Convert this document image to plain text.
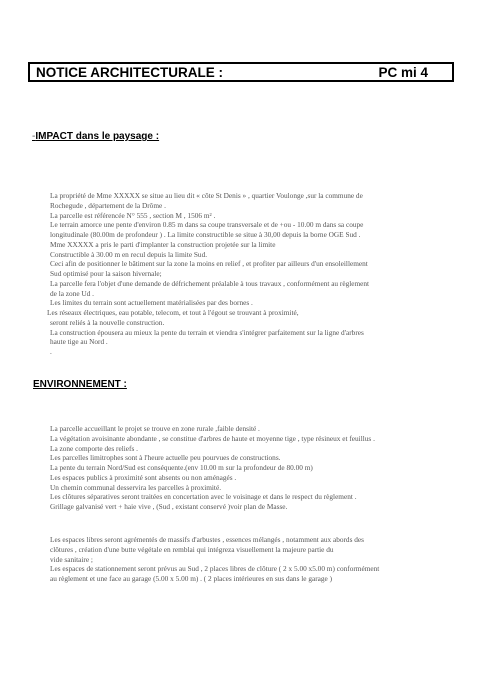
NOTICE ARCHITECTURALE :	PC mi 4
-IMPACT dans le paysage :
La propriété de Mme XXXXX se situe au lieu dit « côte St Denis » , quartier Voulonge ,sur la commune de
Rochegude , département de la Drôme .
La parcelle est référencée N° 555 , section M , 1506 m² .
Le terrain amorce une pente d'environ 0.85 m dans sa coupe transversale et de +ou - 10.00 m dans sa coupe
longitudinale (80.00m de profondeur ) . La limite constructible se situe à 30,00 depuis la borne OGE Sud .
Mme XXXXX a pris le parti d'implanter la construction projetée sur la limite
Constructible à 30.00 m en recul depuis la limite Sud.
Ceci afin de positionner le bâtiment sur la zone la moins en relief , et profiter par ailleurs d'un ensoleillement
Sud optimisé pour la saison hivernale;
La parcelle fera l'objet d'une demande de défrichement préalable à tous travaux , conformément au règlement
de la zone Ud .
Les limites du terrain sont actuellement matérialisées par des bornes .
Les réseaux électriques, eau potable, telecom, et tout à l'égout se trouvant à proximité,
seront reliés à la nouvelle construction.
La construction épousera au mieux la pente du terrain et viendra s'intégrer parfaitement sur la ligne d'arbres
haute tige au Nord .
.
ENVIRONNEMENT :
La parcelle accueillant le projet se trouve en zone rurale ,faible densité .
La végétation avoisinante abondante , se constitue d'arbres de haute et moyenne tige , type résineux et feuillus .
La zone comporte des reliefs .
Les parcelles limitrophes sont à l'heure actuelle peu pourvues de constructions.
La pente du terrain Nord/Sud est conséquente.(env 10.00 m sur la profondeur de 80.00 m)
Les espaces publics à proximité sont absents ou non aménagés .
Un chemin communal desservira les parcelles à proximité.
Les clôtures séparatives seront traitées en concertation avec le voisinage et dans le respect du règlement .
Grillage galvanisé vert + haie vive , (Sud , existant conservé )voir plan de Masse.
Les espaces libres seront agrémentés de massifs d'arbustes , essences mélangés , notamment aux abords des
clôtures , création d'une butte végétale en remblai qui intégreza visuellement la majeure partie du
vide sanitaire ;
Les espaces de stationnement seront prévus au Sud , 2 places libres de clôture ( 2 x 5.00 x5.00 m) conformément
au règlement et une face au garage (5.00 x 5.00 m) . ( 2 places intérieures en sus dans le garage )
